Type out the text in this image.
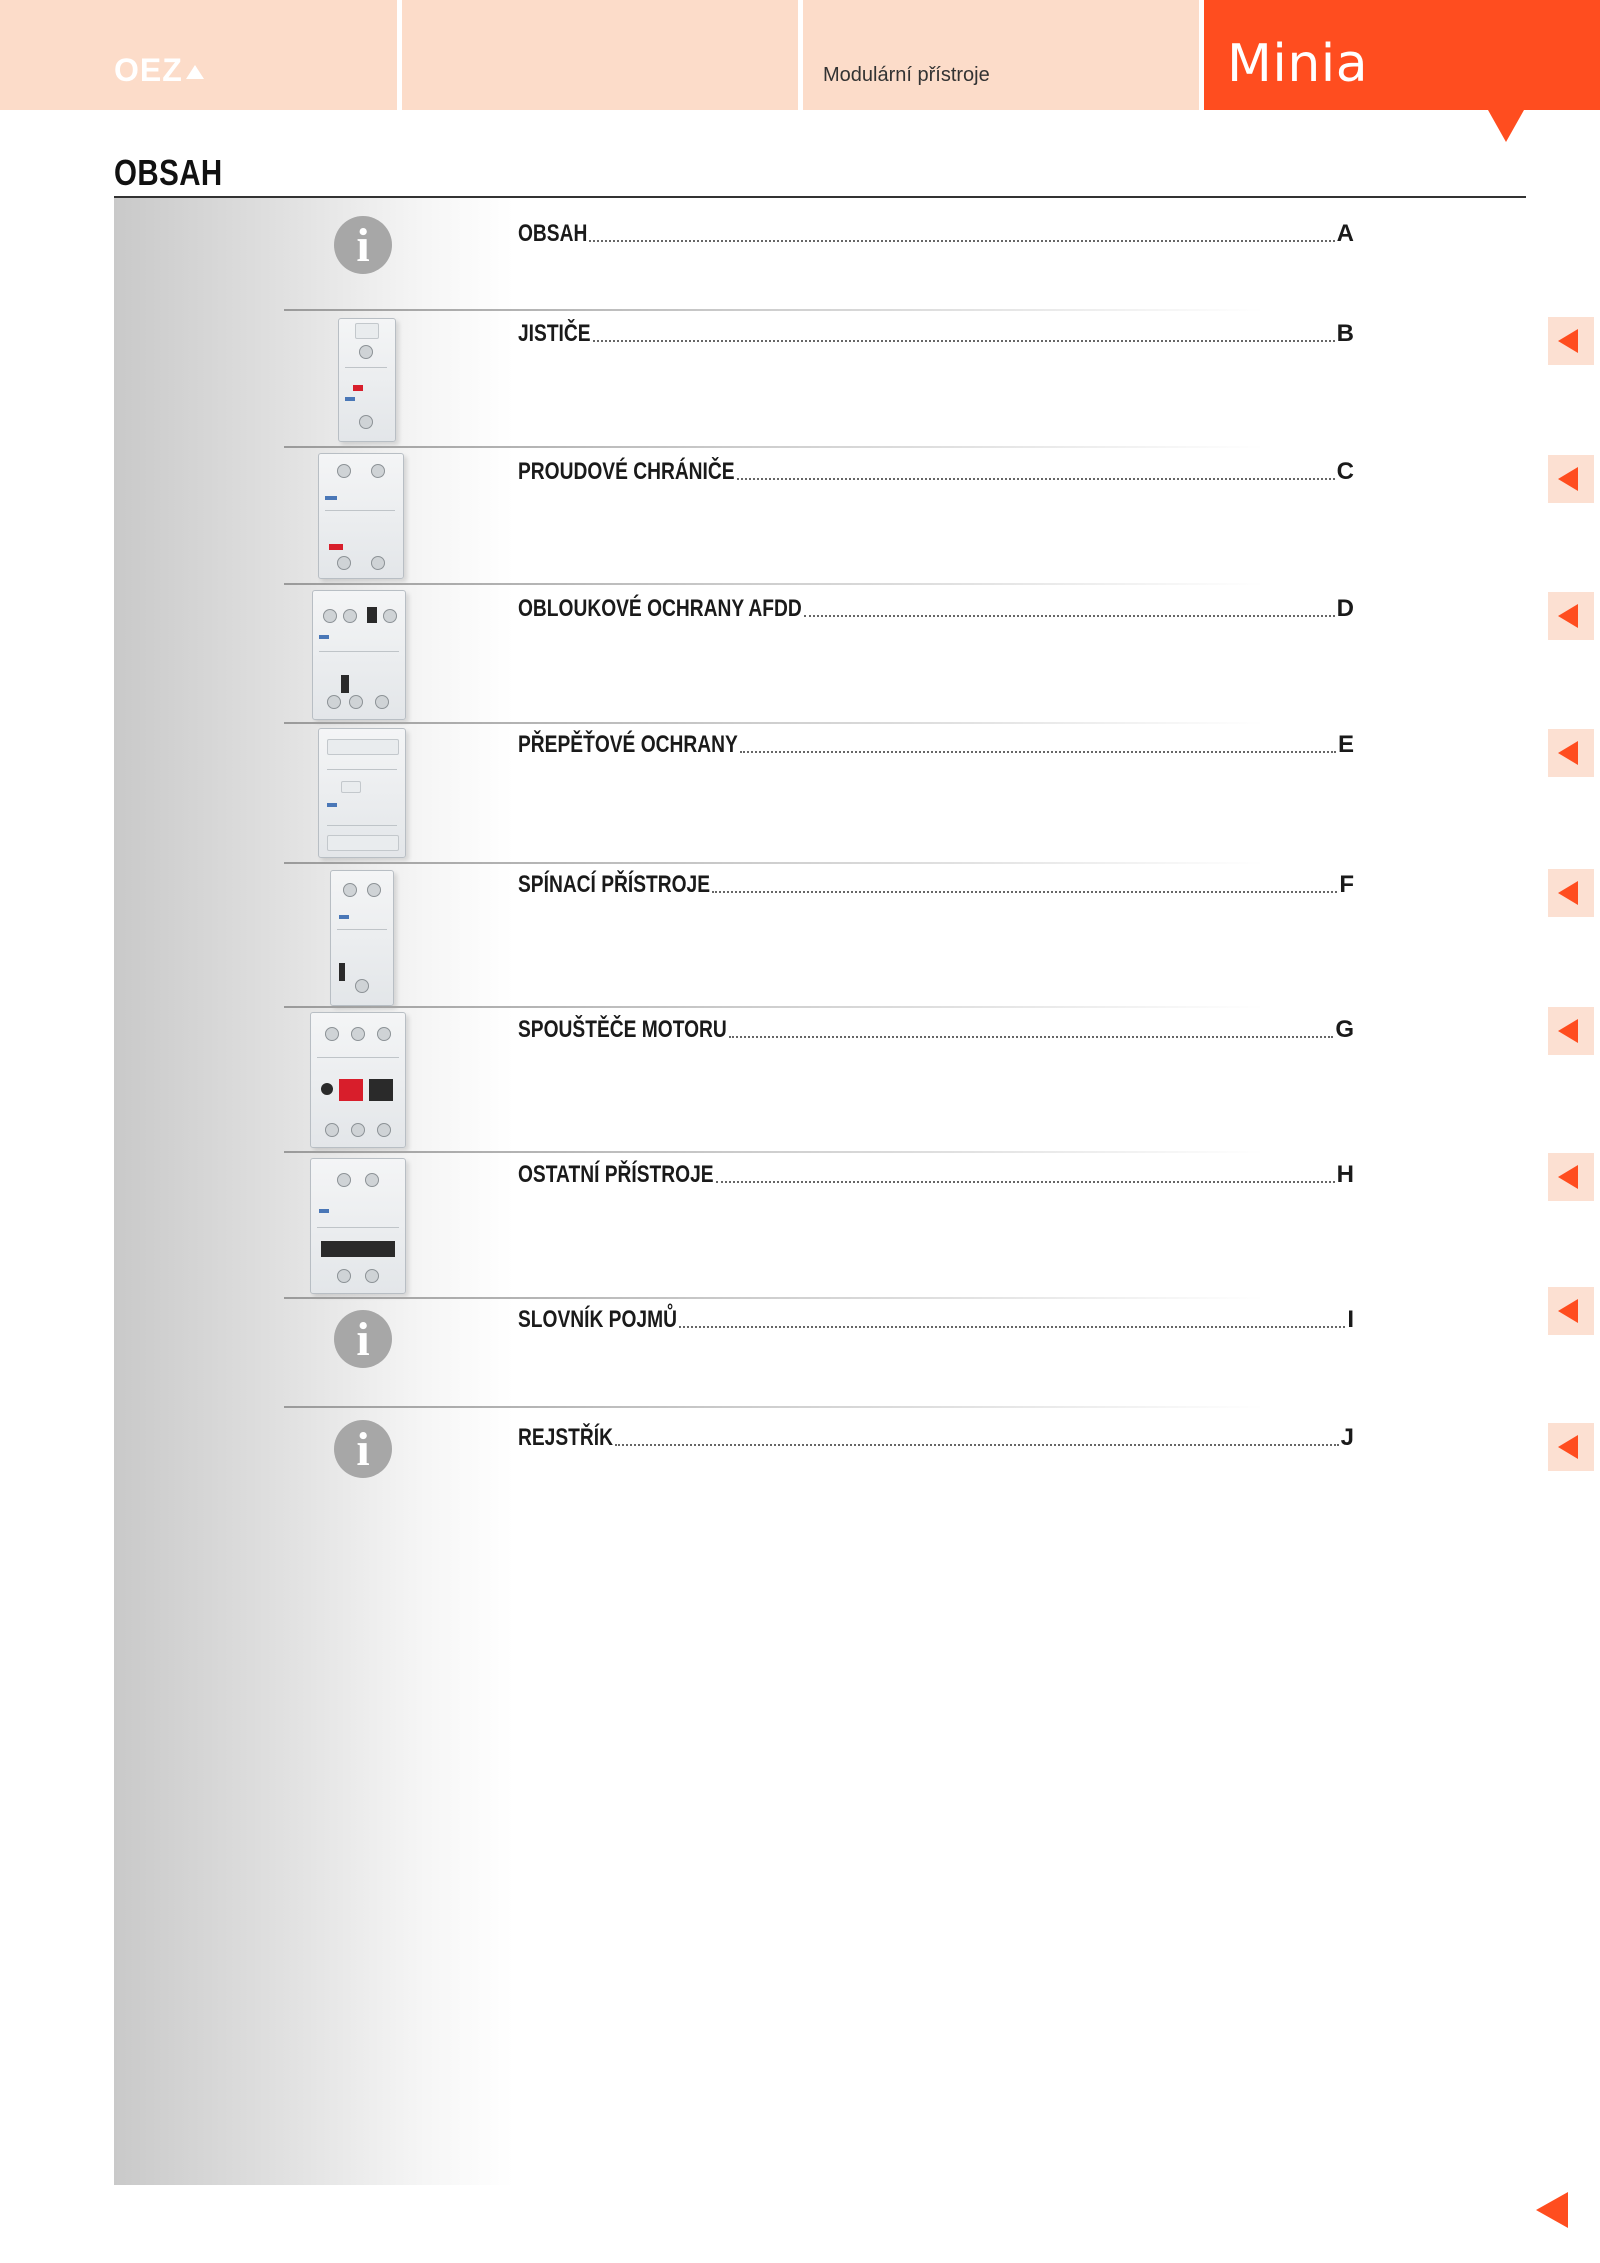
OEZ	Modulární přístroje	Minia
OBSAH
i	OBSAH	A
JISTIČE	B
PROUDOVÉ CHRÁNIČE	C
OBLOUKOVÉ OCHRANY AFDD	D
PŘEPĚŤOVÉ OCHRANY	E
SPÍNACÍ PŘÍSTROJE	F
SPOUŠTĚČE MOTORU	G
OSTATNÍ PŘÍSTROJE	H
i	SLOVNÍK POJMŮ	I
i	REJSTŘÍK	J
